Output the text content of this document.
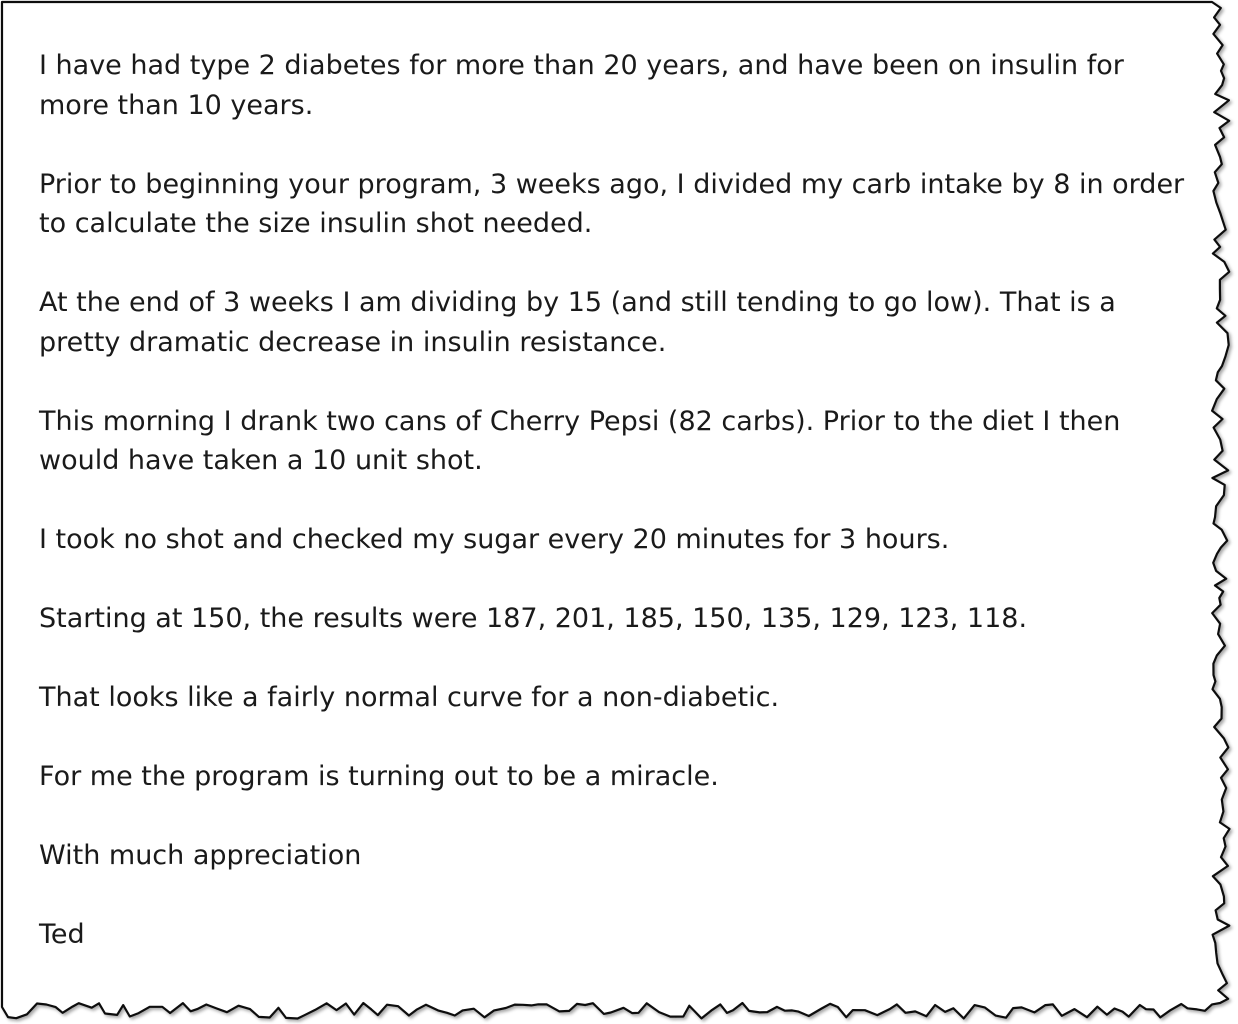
I have had type 2 diabetes for more than 20 years, and have been on insulin for more than 10 years.

Prior to beginning your program, 3 weeks ago, I divided my carb intake by 8 in order to calculate the size insulin shot needed.

At the end of 3 weeks I am dividing by 15 (and still tending to go low). That is a pretty dramatic decrease in insulin resistance.

This morning I drank two cans of Cherry Pepsi (82 carbs). Prior to the diet I then would have taken a 10 unit shot.

I took no shot and checked my sugar every 20 minutes for 3 hours.

Starting at 150, the results were 187, 201, 185, 150, 135, 129, 123, 118.

That looks like a fairly normal curve for a non-diabetic.

For me the program is turning out to be a miracle.

With much appreciation

Ted
